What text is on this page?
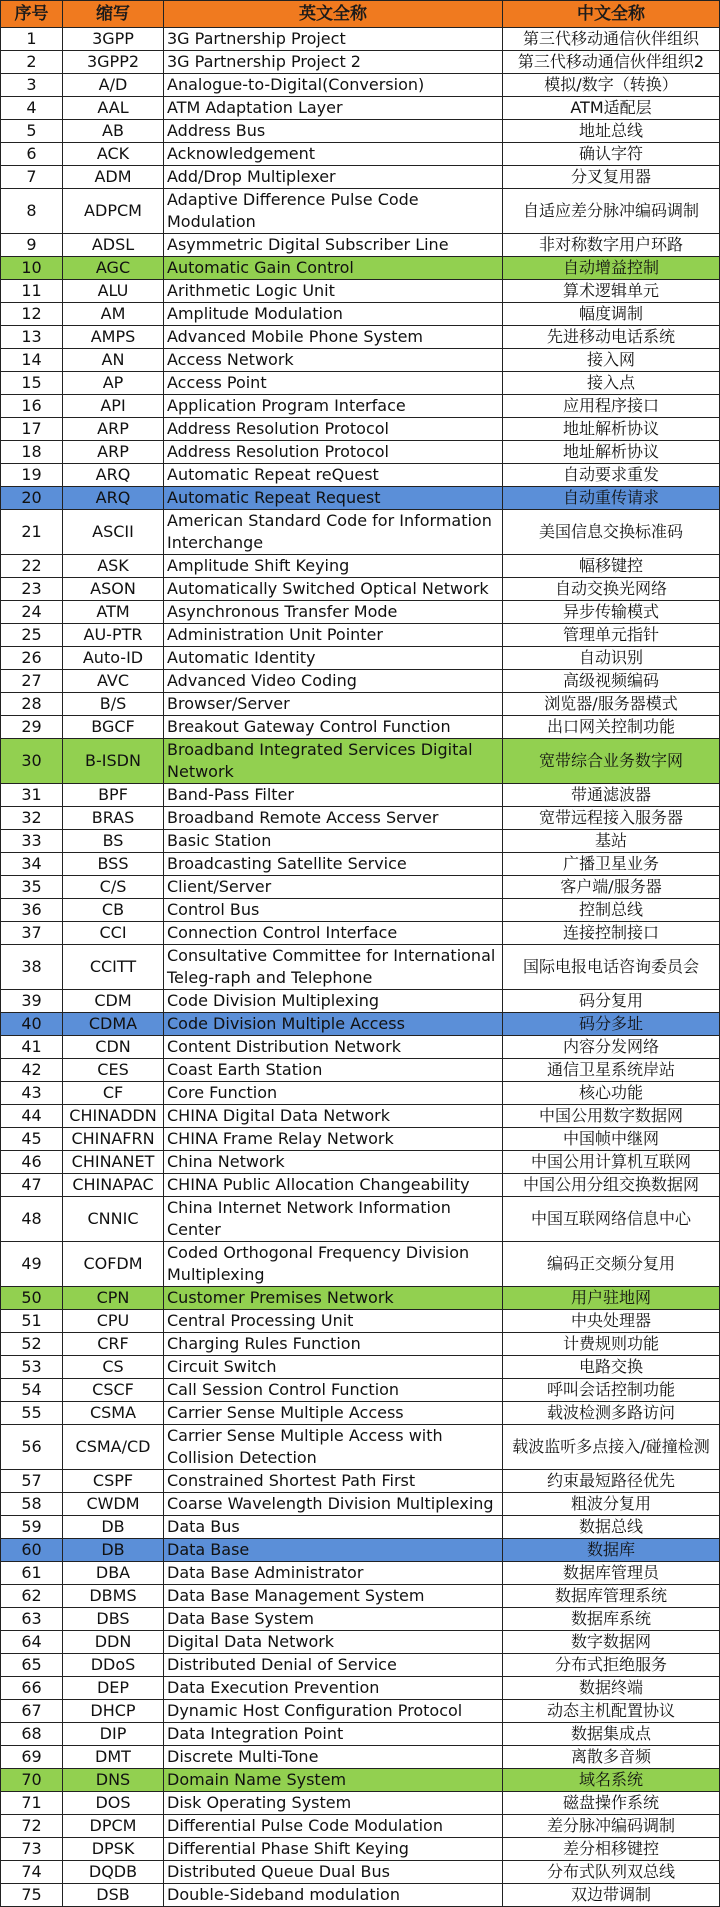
序号	缩写	英文全称	中文全称
1	3GPP	3G Partnership Project	第三代移动通信伙伴组织
2	3GPP2	3G Partnership Project 2	第三代移动通信伙伴组织2
3	A/D	Analogue-to-Digital(Conversion)	模拟/数字（转换）
4	AAL	ATM Adaptation Layer	ATM适配层
5	AB	Address Bus	地址总线
6	ACK	Acknowledgement	确认字符
7	ADM	Add/Drop Multiplexer	分叉复用器
8	ADPCM	Adaptive Difference Pulse Code Modulation	自适应差分脉冲编码调制
9	ADSL	Asymmetric Digital Subscriber Line	非对称数字用户环路
10	AGC	Automatic Gain Control	自动增益控制
11	ALU	Arithmetic Logic Unit	算术逻辑单元
12	AM	Amplitude Modulation	幅度调制
13	AMPS	Advanced Mobile Phone System	先进移动电话系统
14	AN	Access Network	接入网
15	AP	Access Point	接入点
16	API	Application Program Interface	应用程序接口
17	ARP	Address Resolution Protocol	地址解析协议
18	ARP	Address Resolution Protocol	地址解析协议
19	ARQ	Automatic Repeat reQuest	自动要求重发
20	ARQ	Automatic Repeat Request	自动重传请求
21	ASCII	American Standard Code for Information Interchange	美国信息交换标准码
22	ASK	Amplitude Shift Keying	幅移键控
23	ASON	Automatically Switched Optical Network	自动交换光网络
24	ATM	Asynchronous Transfer Mode	异步传输模式
25	AU-PTR	Administration Unit Pointer	管理单元指针
26	Auto-ID	Automatic Identity	自动识别
27	AVC	Advanced Video Coding	高级视频编码
28	B/S	Browser/Server	浏览器/服务器模式
29	BGCF	Breakout Gateway Control Function	出口网关控制功能
30	B-ISDN	Broadband Integrated Services Digital Network	宽带综合业务数字网
31	BPF	Band-Pass Filter	带通滤波器
32	BRAS	Broadband Remote Access Server	宽带远程接入服务器
33	BS	Basic Station	基站
34	BSS	Broadcasting Satellite Service	广播卫星业务
35	C/S	Client/Server	客户端/服务器
36	CB	Control Bus	控制总线
37	CCI	Connection Control Interface	连接控制接口
38	CCITT	Consultative Committee for International Teleg-raph and Telephone	国际电报电话咨询委员会
39	CDM	Code Division Multiplexing	码分复用
40	CDMA	Code Division Multiple Access	码分多址
41	CDN	Content Distribution Network	内容分发网络
42	CES	Coast Earth Station	通信卫星系统岸站
43	CF	Core Function	核心功能
44	CHINADDN	CHINA Digital Data Network	中国公用数字数据网
45	CHINAFRN	CHINA Frame Relay Network	中国帧中继网
46	CHINANET	China Network	中国公用计算机互联网
47	CHINAPAC	CHINA Public Allocation Changeability	中国公用分组交换数据网
48	CNNIC	China Internet Network Information Center	中国互联网络信息中心
49	COFDM	Coded Orthogonal Frequency Division Multiplexing	编码正交频分复用
50	CPN	Customer Premises Network	用户驻地网
51	CPU	Central Processing Unit	中央处理器
52	CRF	Charging Rules Function	计费规则功能
53	CS	Circuit Switch	电路交换
54	CSCF	Call Session Control Function	呼叫会话控制功能
55	CSMA	Carrier Sense Multiple Access	载波检测多路访问
56	CSMA/CD	Carrier Sense Multiple Access with Collision Detection	载波监听多点接入/碰撞检测
57	CSPF	Constrained Shortest Path First	约束最短路径优先
58	CWDM	Coarse Wavelength Division Multiplexing	粗波分复用
59	DB	Data Bus	数据总线
60	DB	Data Base	数据库
61	DBA	Data Base Administrator	数据库管理员
62	DBMS	Data Base Management System	数据库管理系统
63	DBS	Data Base System	数据库系统
64	DDN	Digital Data Network	数字数据网
65	DDoS	Distributed Denial of Service	分布式拒绝服务
66	DEP	Data Execution Prevention	数据终端
67	DHCP	Dynamic Host Configuration Protocol	动态主机配置协议
68	DIP	Data Integration Point	数据集成点
69	DMT	Discrete Multi-Tone	离散多音频
70	DNS	Domain Name System	域名系统
71	DOS	Disk Operating System	磁盘操作系统
72	DPCM	Differential Pulse Code Modulation	差分脉冲编码调制
73	DPSK	Differential Phase Shift Keying	差分相移键控
74	DQDB	Distributed Queue Dual Bus	分布式队列双总线
75	DSB	Double-Sideband modulation	双边带调制
